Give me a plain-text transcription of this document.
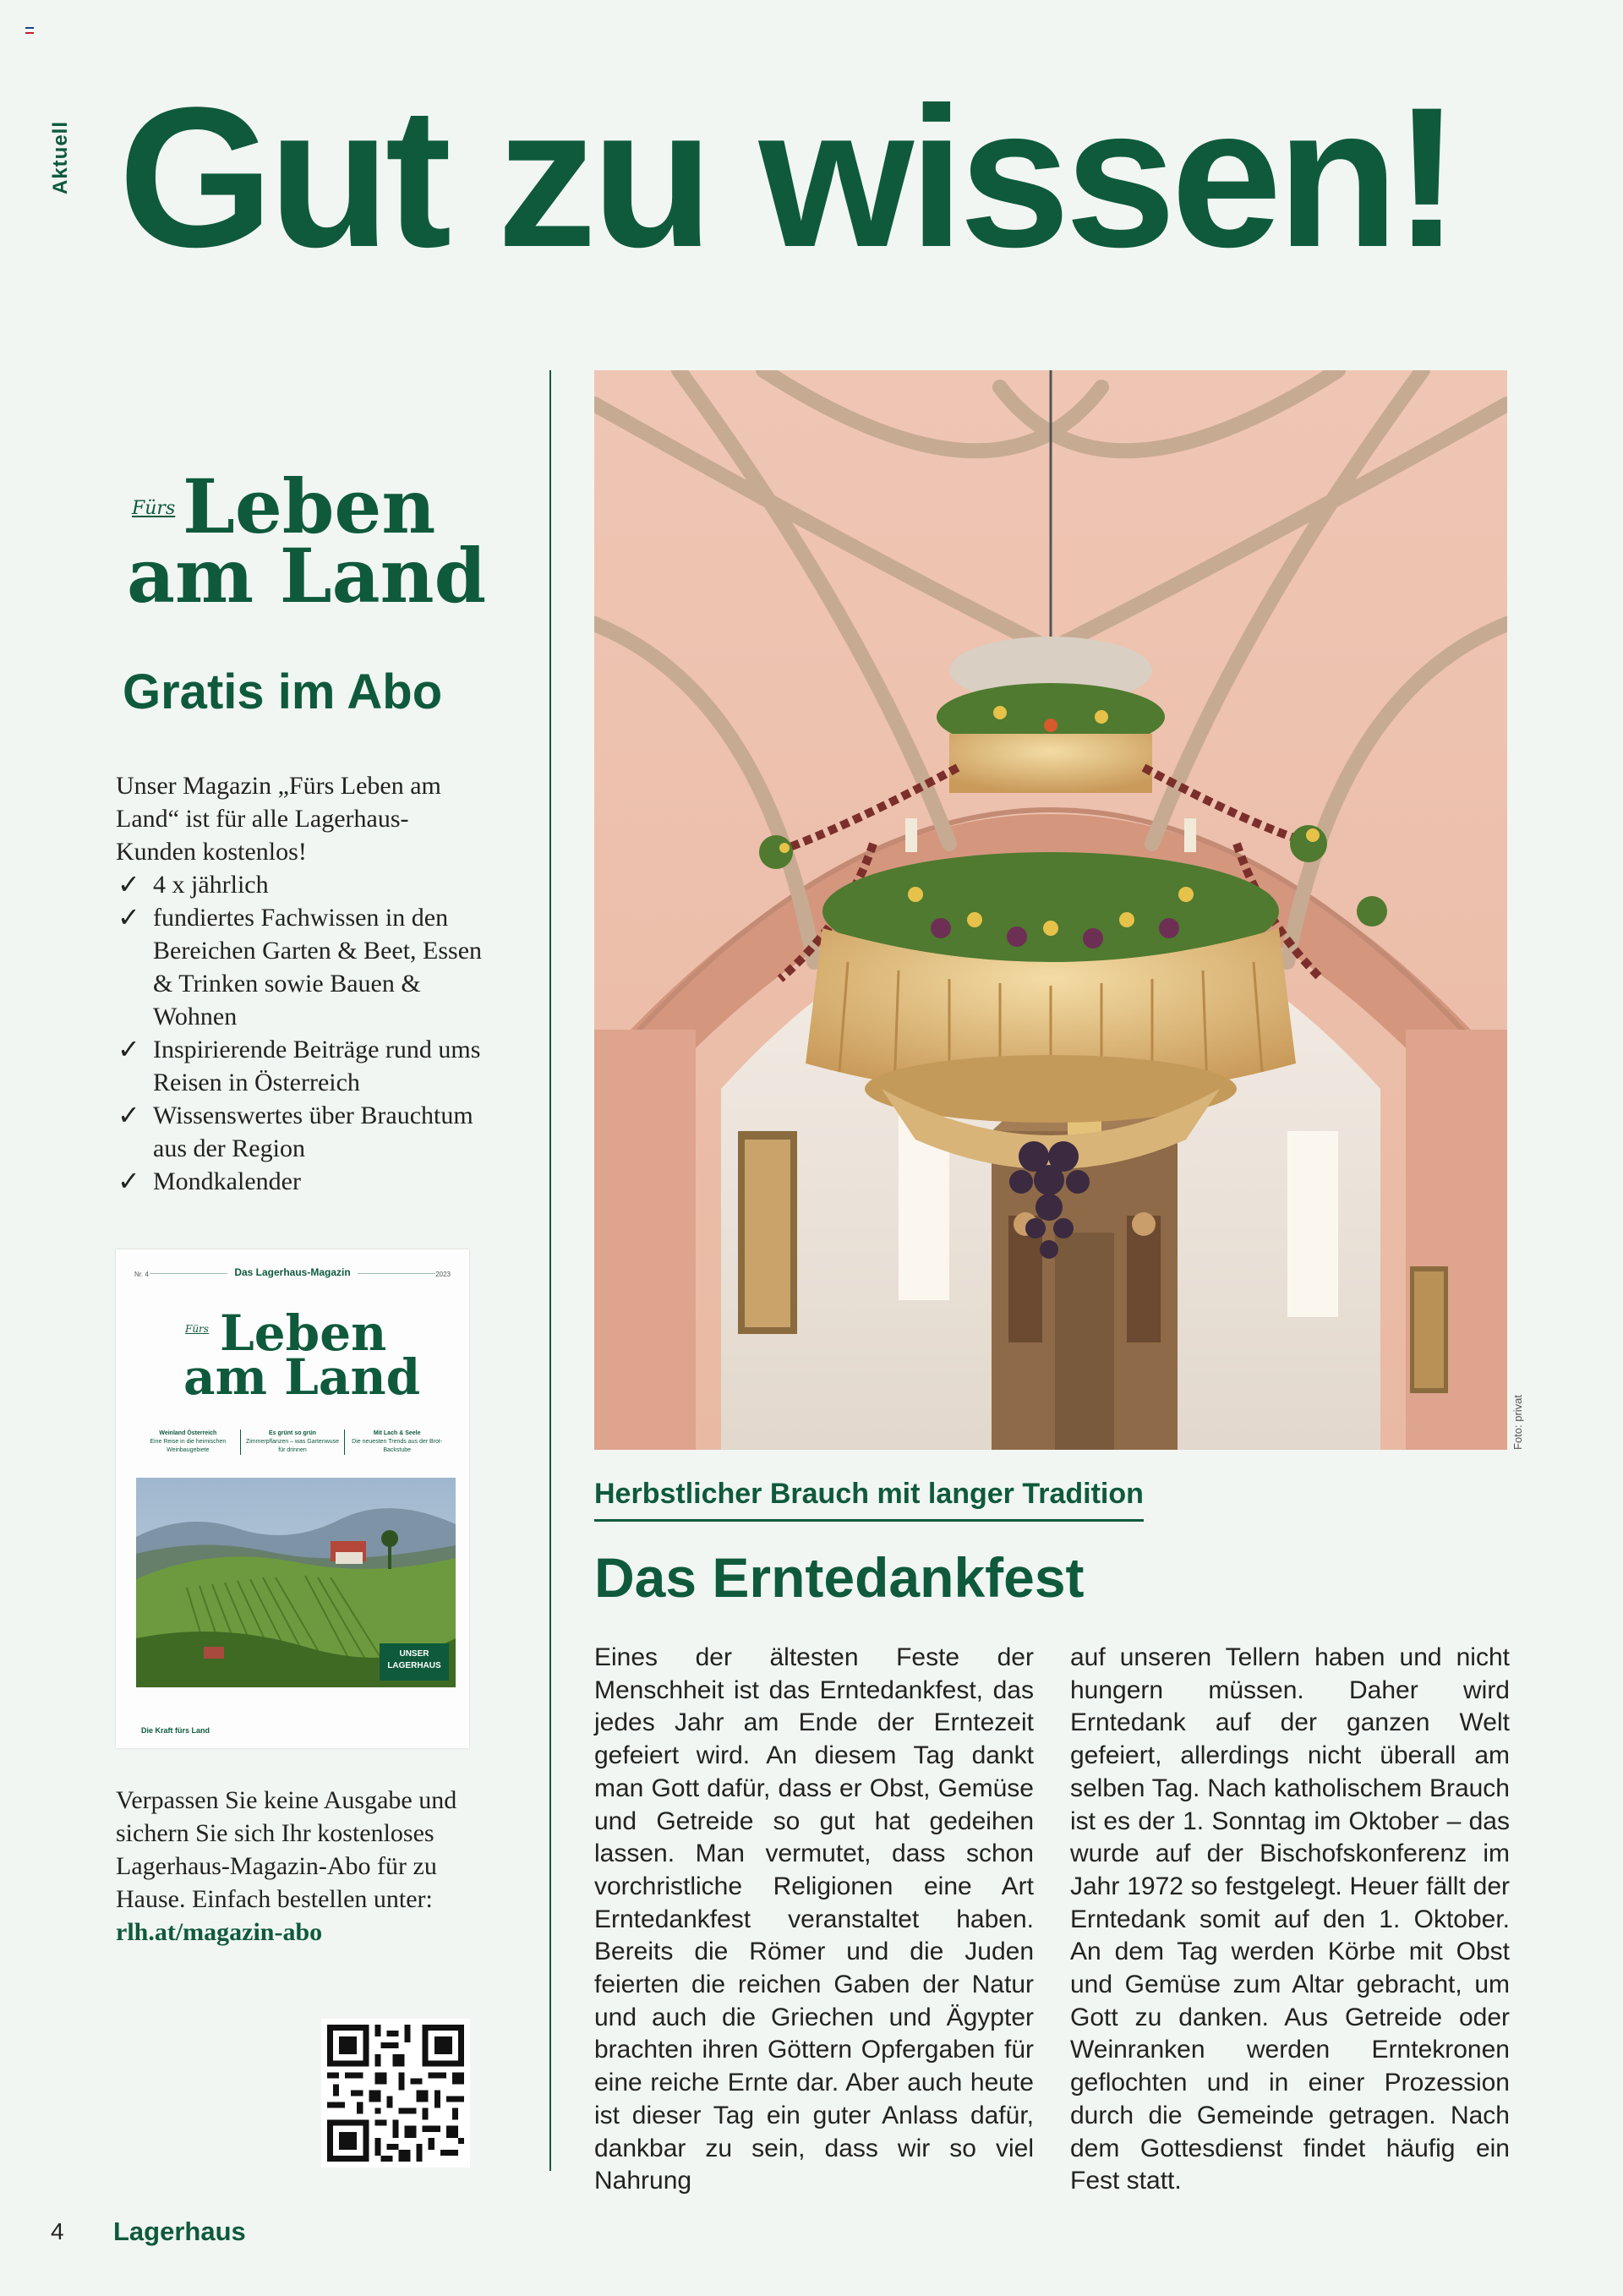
Aktuell Gut zu wissen!
Fürs Leben
am Land
Gratis im Abo
Unser Magazin „Fürs Leben am Land“ ist für alle Lagerhaus-Kunden kostenlos!
✓ 4 x jährlich
✓ fundiertes Fachwissen in den Bereichen Garten & Beet, Essen & Trinken sowie Bauen & Wohnen
✓ Inspirierende Beiträge rund ums Reisen in Österreich
✓ Wissenswertes über Brauchtum aus der Region
✓ Mondkalender
Nr. 4	Das Lagerhaus-Magazin	2023
Fürs Leben
am Land
Weinland Österreich
Eine Reise in die heimischen Weinbaugebiete
Es grünt so grün
Zimmerpflanzen – was Gartenwuse für drinnen
Mit Lach & Seele
Die neuesten Trends aus der Brot-Backstube
UNSER
LAGERHAUS
Die Kraft fürs Land
Verpassen Sie keine Ausgabe und sichern Sie sich Ihr kostenloses Lagerhaus-Magazin-Abo für zu Hause. Einfach bestellen unter: rlh.at/magazin-abo
Foto: privat
Herbstlicher Brauch mit langer Tradition
Das Erntedankfest

Eines der ältesten Feste der Menschheit ist das Erntedankfest, das jedes Jahr am Ende der Erntezeit gefeiert wird. An diesem Tag dankt man Gott dafür, dass er Obst, Gemüse und Getreide so gut hat gedeihen lassen. Man vermutet, dass schon vorchristliche Religionen eine Art Erntedankfest veranstaltet haben. Bereits die Römer und die Juden feierten die reichen Gaben der Natur und auch die Griechen und Ägypter brachten ihren Göttern Opfergaben für eine reiche Ernte dar. Aber auch heute ist dieser Tag ein guter Anlass dafür, dankbar zu sein, dass wir so viel Nahrung

auf unseren Tellern haben und nicht hungern müssen. Daher wird Erntedank auf der ganzen Welt gefeiert, allerdings nicht überall am selben Tag. Nach katholischem Brauch ist es der 1. Sonntag im Oktober – das wurde auf der Bischofskonferenz im Jahr 1972 so festgelegt. Heuer fällt der Erntedank somit auf den 1. Oktober. An dem Tag werden Körbe mit Obst und Gemüse zum Altar gebracht, um Gott zu danken. Aus Getreide oder Weinranken werden Erntekronen geflochten und in einer Prozession durch die Gemeinde getragen. Nach dem Gottesdienst findet häufig ein Fest statt.

4 Lagerhaus
